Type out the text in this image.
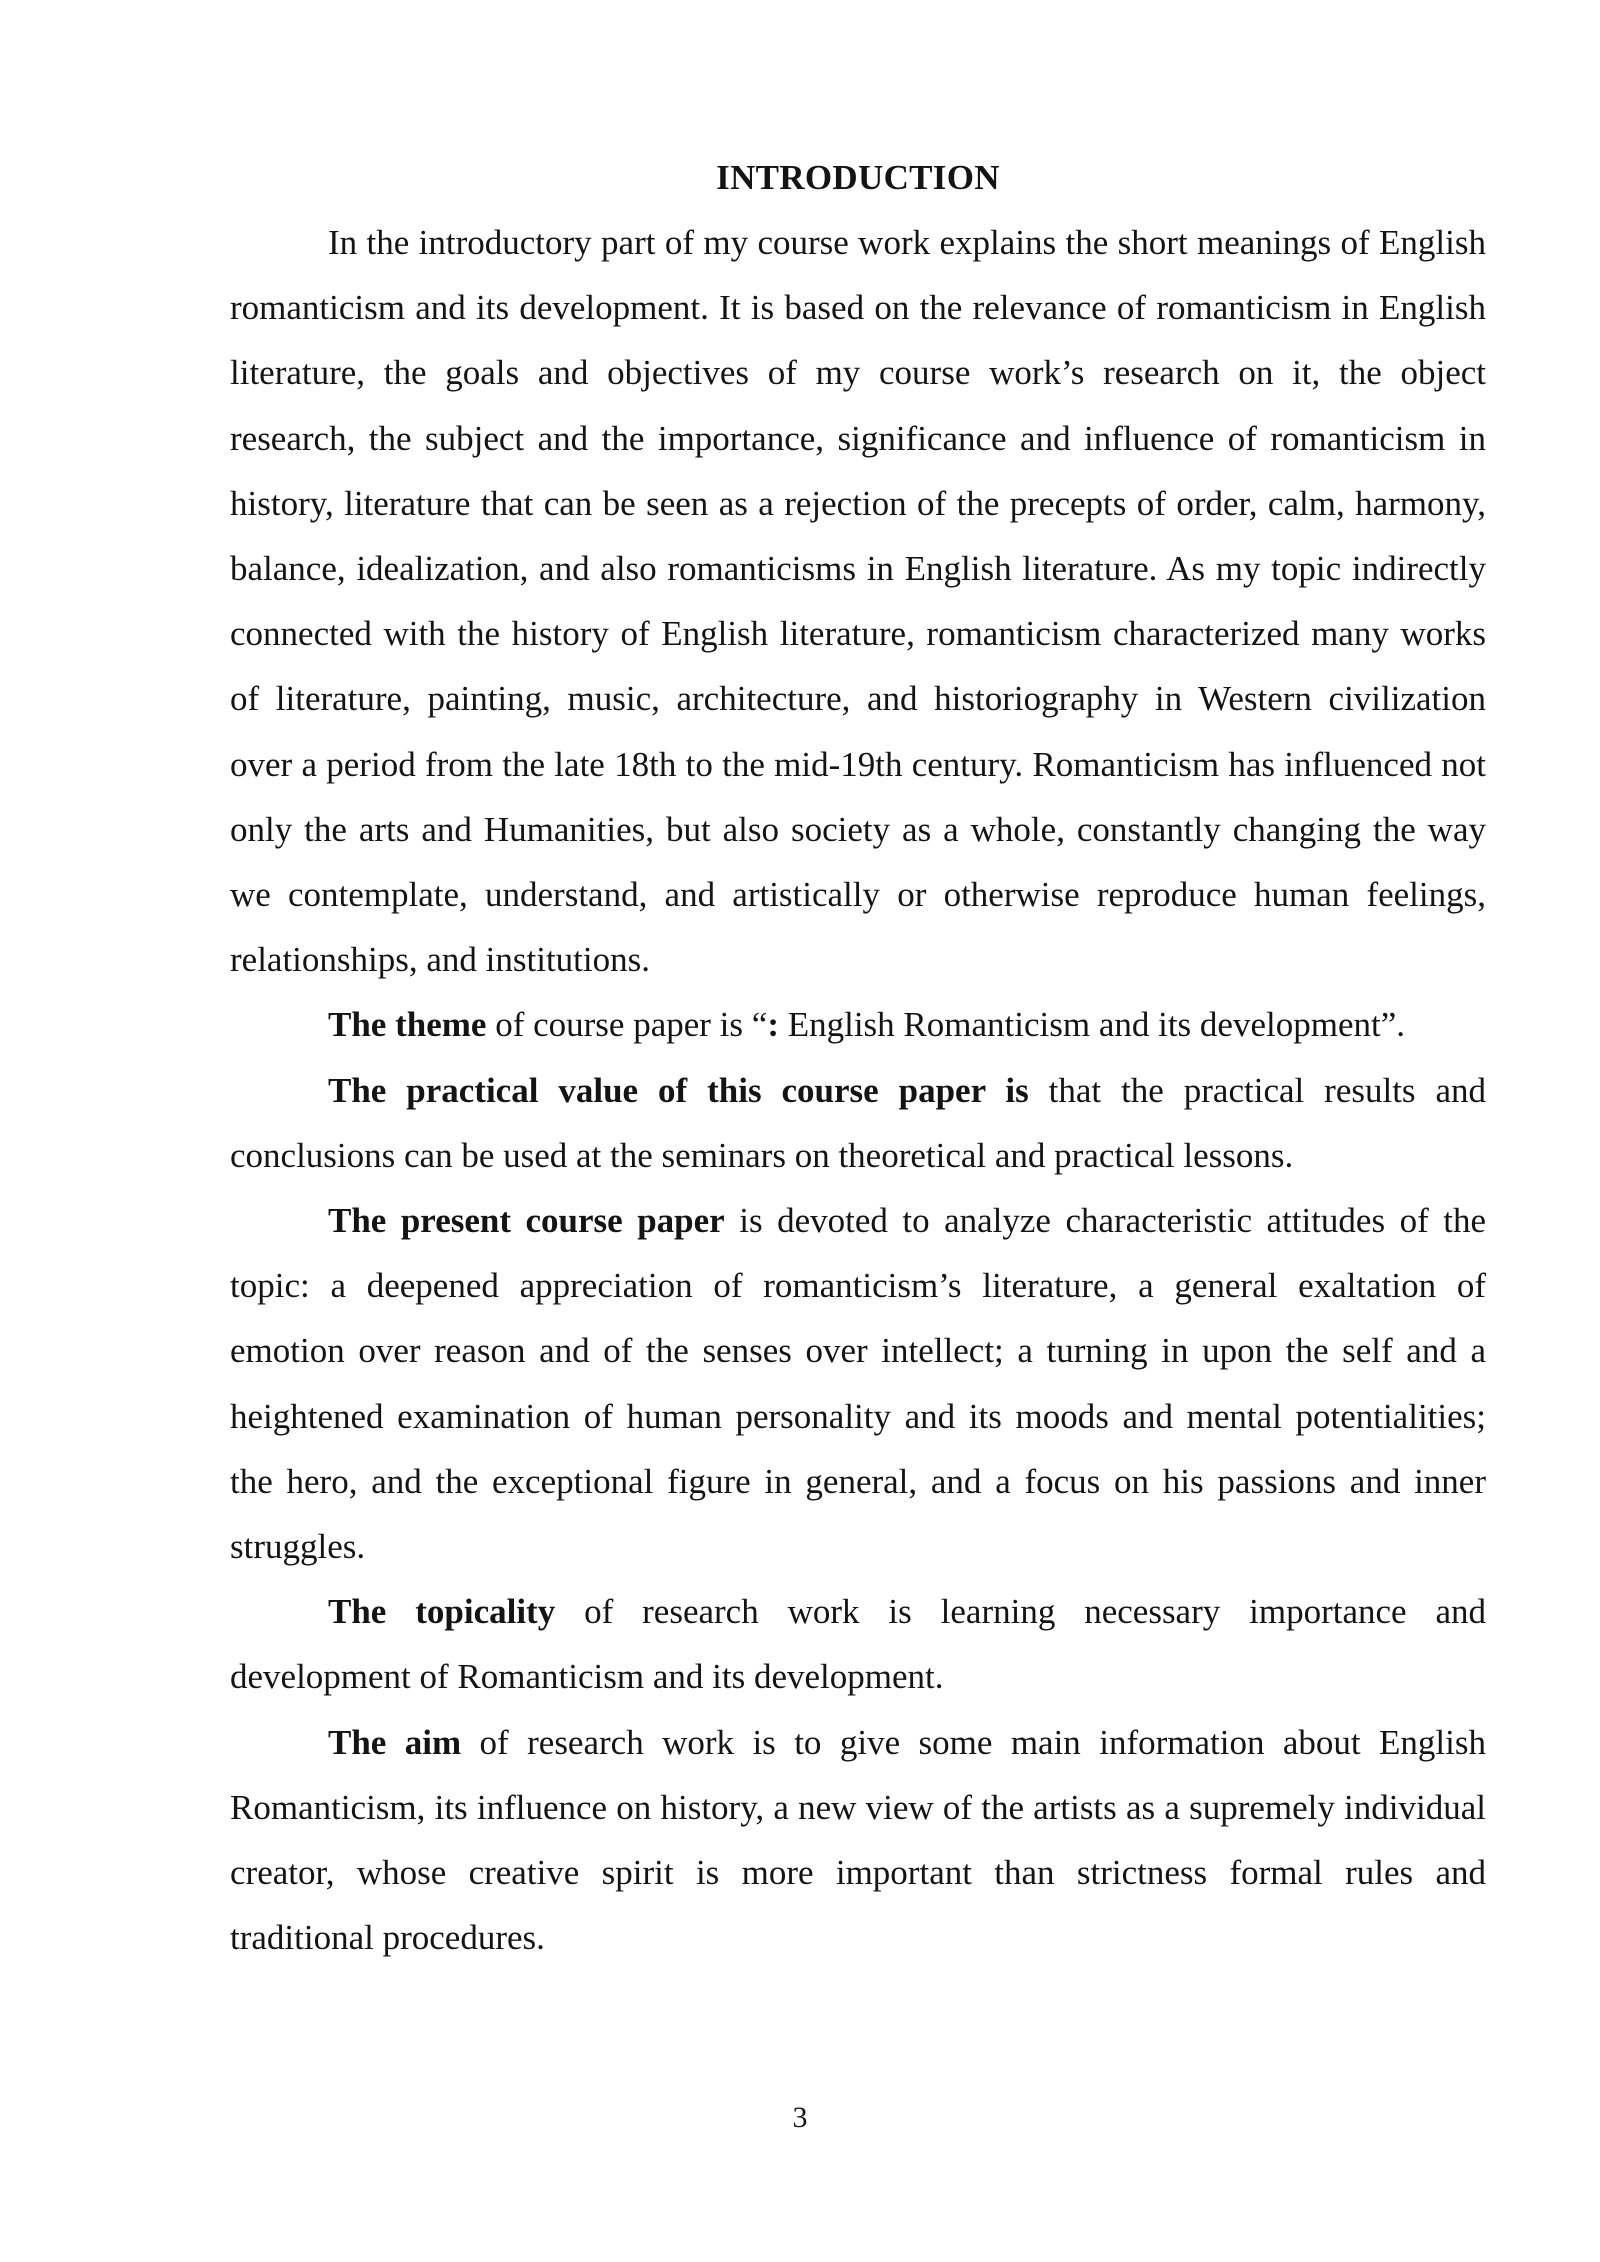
INTRODUCTION

In the introductory part of my course work explains the short meanings of English romanticism and its development. It is based on the relevance of romanticism in English literature, the goals and objectives of my course work’s research on it, the object research, the subject and the importance, significance and influence of romanticism in history, literature that can be seen as a rejection of the precepts of order, calm, harmony, balance, idealization, and also romanticisms in English literature. As my topic indirectly connected with the history of English literature, romanticism characterized many works of literature, painting, music, architecture, and historiography in Western civilization over a period from the late 18th to the mid-19th century. Romanticism has influenced not only the arts and Humanities, but also society as a whole, constantly changing the way we contemplate, understand, and artistically or otherwise reproduce human feelings, relationships, and institutions.

The theme of course paper is “: English Romanticism and its development”.

The practical value of this course paper is that the practical results and conclusions can be used at the seminars on theoretical and practical lessons.

The present course paper is devoted to analyze characteristic attitudes of the topic: a deepened appreciation of romanticism’s literature, a general exaltation of emotion over reason and of the senses over intellect; a turning in upon the self and a heightened examination of human personality and its moods and mental potentialities; the hero, and the exceptional figure in general, and a focus on his passions and inner struggles.

The topicality of research work is learning necessary importance and development of Romanticism and its development.

The aim of research work is to give some main information about English Romanticism, its influence on history, a new view of the artists as a supremely individual creator, whose creative spirit is more important than strictness formal rules and traditional procedures.

3
